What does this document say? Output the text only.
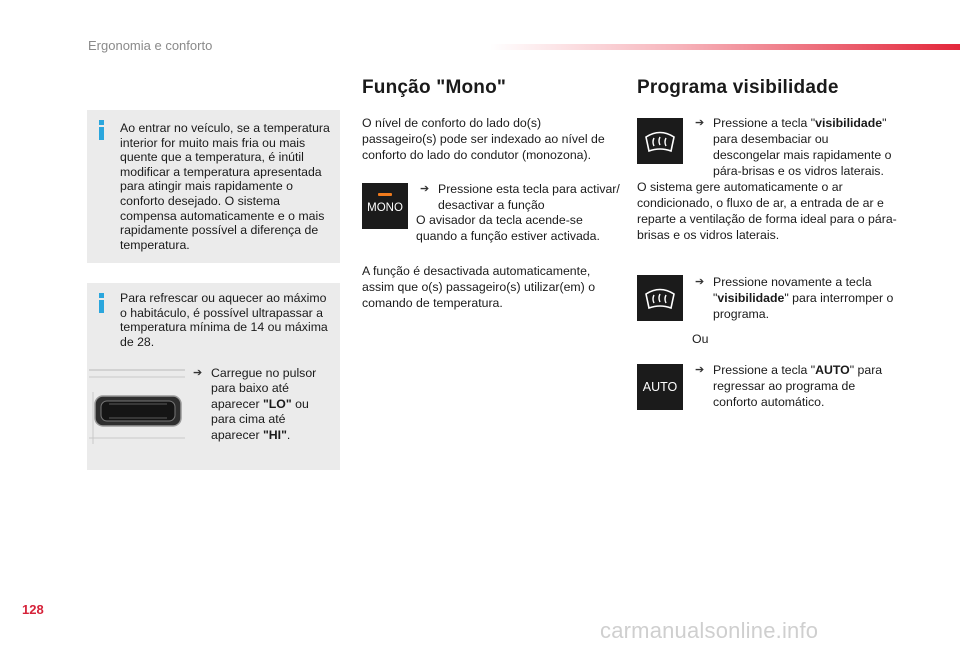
Ergonomia e conforto
Ao entrar no veículo, se a temperatura interior for muito mais fria ou mais quente que a temperatura, é inútil modificar a temperatura apresentada para atingir mais rapidamente o conforto desejado. O sistema compensa automaticamente e o mais rapidamente possível a diferença de temperatura.
Para refrescar ou aquecer ao máximo o habitáculo, é possível ultrapassar a temperatura mínima de 14 ou máxima de 28.
➔ Carregue no pulsor para baixo até aparecer "LO" ou para cima até aparecer "HI".
Função "Mono"
O nível de conforto do lado do(s) passageiro(s) pode ser indexado ao nível de conforto do lado do condutor (monozona).
MONO
➔ Pressione esta tecla para activar/ desactivar a função
O avisador da tecla acende-se quando a função estiver activada.
A função é desactivada automaticamente, assim que o(s) passageiro(s) utilizar(em) o comando de temperatura.
Programa visibilidade
➔ Pressione a tecla "visibilidade" para desembaciar ou descongelar mais rapidamente o pára-brisas e os vidros laterais.
O sistema gere automaticamente o ar condicionado, o fluxo de ar, a entrada de ar e reparte a ventilação de forma ideal para o pára-brisas e os vidros laterais.
➔ Pressione novamente a tecla "visibilidade" para interromper o programa.
Ou
AUTO
➔ Pressione a tecla "AUTO" para regressar ao programa de conforto automático.
128
carmanualsonline.info
